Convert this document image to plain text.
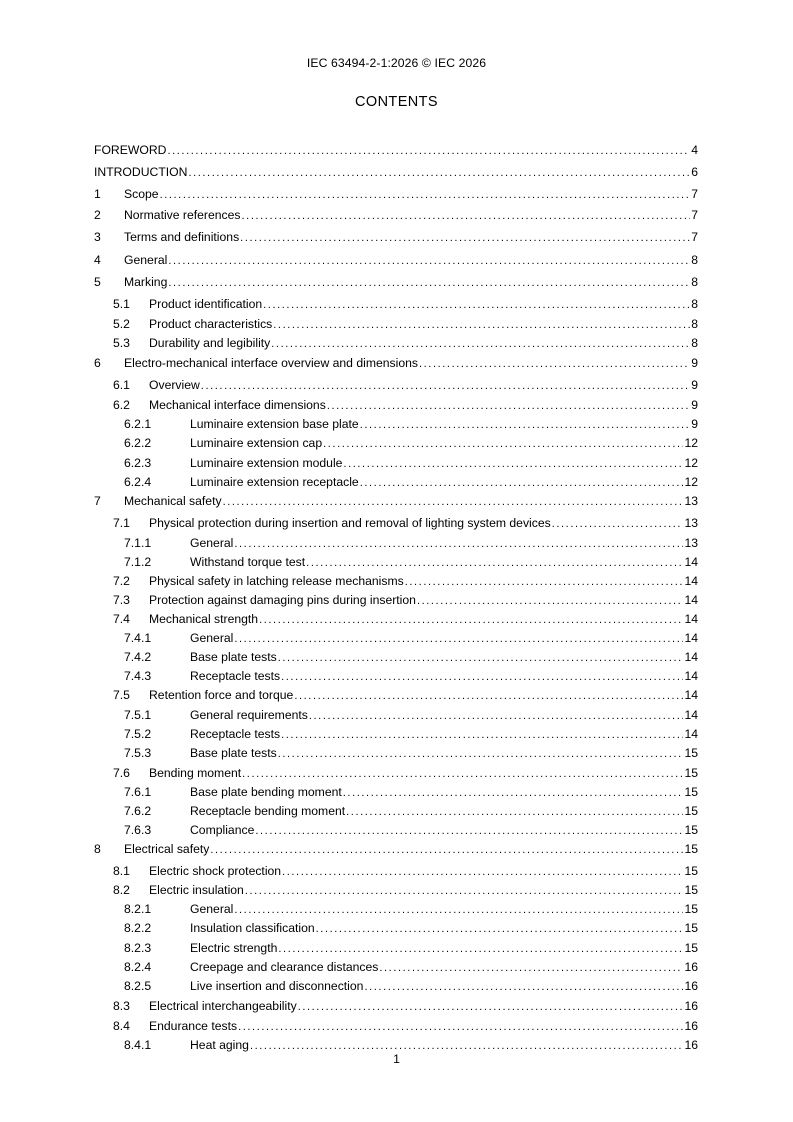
IEC 63494-2-1:2026 © IEC 2026
CONTENTS
FOREWORD .....	4
INTRODUCTION .....	6
1	Scope .....	7
2	Normative references .....	7
3	Terms and definitions .....	7
4	General .....	8
5	Marking .....	8
5.1	Product identification .....	8
5.2	Product characteristics .....	8
5.3	Durability and legibility .....	8
6	Electro-mechanical interface overview and dimensions .....	9
6.1	Overview .....	9
6.2	Mechanical interface dimensions .....	9
6.2.1	Luminaire extension base plate .....	9
6.2.2	Luminaire extension cap .....	12
6.2.3	Luminaire extension module .....	12
6.2.4	Luminaire extension receptacle .....	12
7	Mechanical safety .....	13
7.1	Physical protection during insertion and removal of lighting system devices .....	13
7.1.1	General .....	13
7.1.2	Withstand torque test .....	14
7.2	Physical safety in latching release mechanisms .....	14
7.3	Protection against damaging pins during insertion .....	14
7.4	Mechanical strength .....	14
7.4.1	General .....	14
7.4.2	Base plate tests .....	14
7.4.3	Receptacle tests .....	14
7.5	Retention force and torque .....	14
7.5.1	General requirements .....	14
7.5.2	Receptacle tests .....	14
7.5.3	Base plate tests .....	15
7.6	Bending moment .....	15
7.6.1	Base plate bending moment .....	15
7.6.2	Receptacle bending moment .....	15
7.6.3	Compliance .....	15
8	Electrical safety .....	15
8.1	Electric shock protection .....	15
8.2	Electric insulation .....	15
8.2.1	General .....	15
8.2.2	Insulation classification .....	15
8.2.3	Electric strength .....	15
8.2.4	Creepage and clearance distances .....	16
8.2.5	Live insertion and disconnection .....	16
8.3	Electrical interchangeability .....	16
8.4	Endurance tests .....	16
8.4.1	Heat aging .....	16
1
